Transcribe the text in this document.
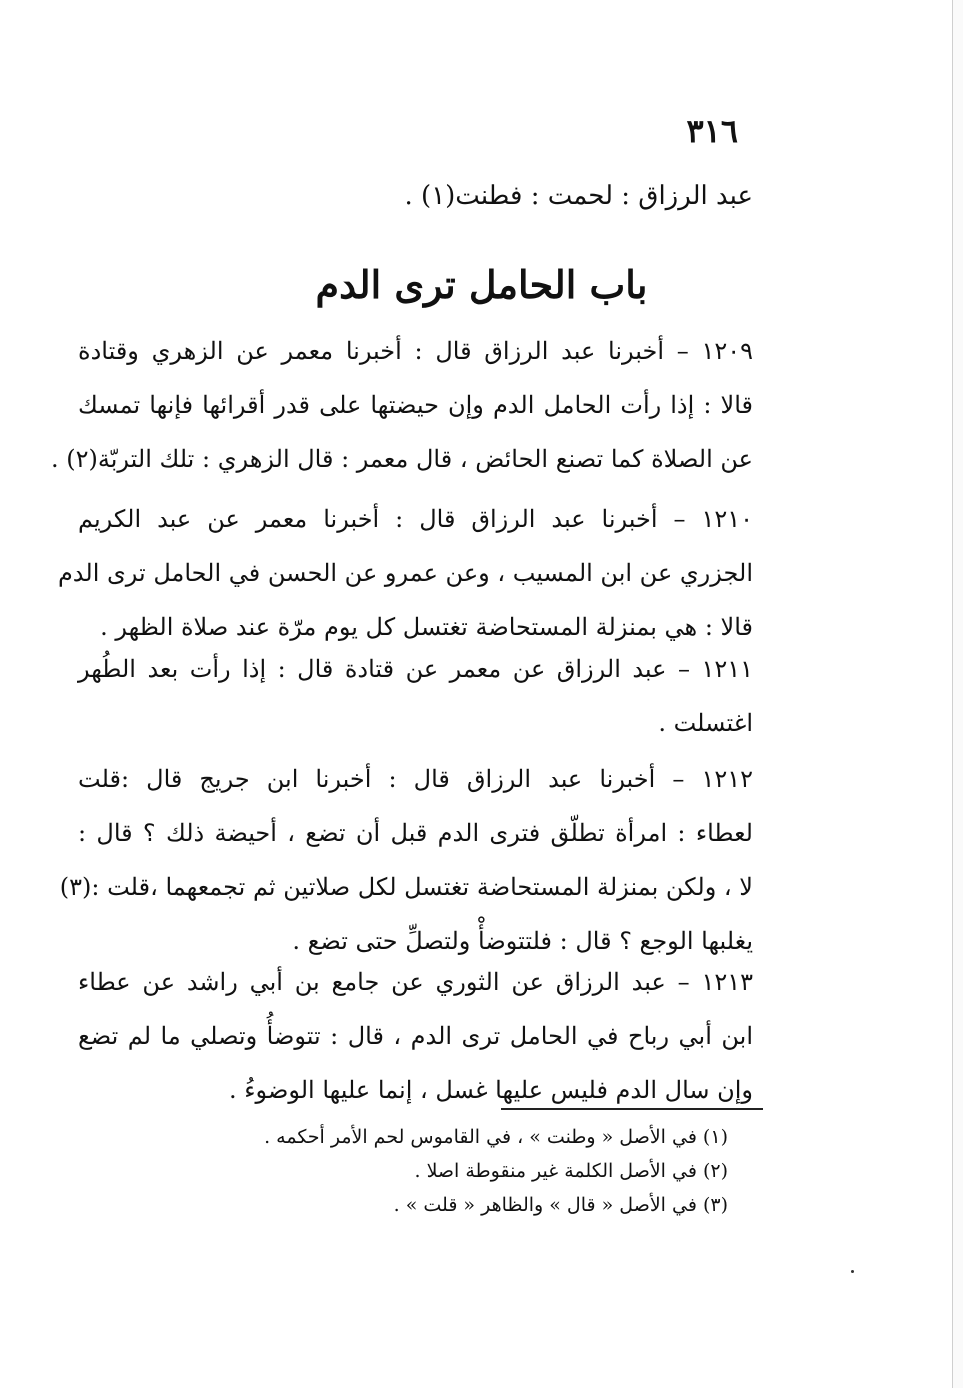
٣١٦
عبد الرزاق : لحمت : فطنت(١) .
باب الحامل ترى الدم
١٢٠٩ – أخبرنا عبد الرزاق قال : أخبرنا معمر عن الزهري وقتادة
قالا : إذا رأت الحامل الدم وإن حيضتها على قدر أقرائها فإنها تمسك
عن الصلاة كما تصنع الحائض ، قال معمر : قال الزهري : تلك التربّة(٢) .
١٢١٠ – أخبرنا عبد الرزاق قال : أخبرنا معمر عن عبد الكريم
الجزري عن ابن المسيب ، وعن عمرو عن الحسن في الحامل ترى الدم
قالا : هي بمنزلة المستحاضة تغتسل كل يوم مرّة عند صلاة الظهر .
١٢١١ – عبد الرزاق عن معمر عن قتادة قال : إذا رأت بعد الطُهر
اغتسلت .
١٢١٢ – أخبرنا عبد الرزاق قال : أخبرنا ابن جريج قال :قلت
لعطاء : امرأة تطلّق فترى الدم قبل أن تضع ، أحيضة ذلك ؟ قال :
لا ، ولكن بمنزلة المستحاضة تغتسل لكل صلاتين ثم تجمعهما ،قلت :(٣)
يغلبها الوجع ؟ قال : فلتتوضأْ ولتصلِّ حتى تضع .
١٢١٣ – عبد الرزاق عن الثوري عن جامع بن أبي راشد عن عطاء
ابن أبي رباح في الحامل ترى الدم ، قال : تتوضأُ وتصلي ما لم تضع
وإن سال الدم فليس عليها غسل ، إنما عليها الوضوءُ .
(١) في الأصل « وطنت » ، في القاموس لحم الأمر أحكمه .
(٢) في الأصل الكلمة غير منقوطة اصلا .
(٣) في الأصل « قال » والظاهر « قلت » .
